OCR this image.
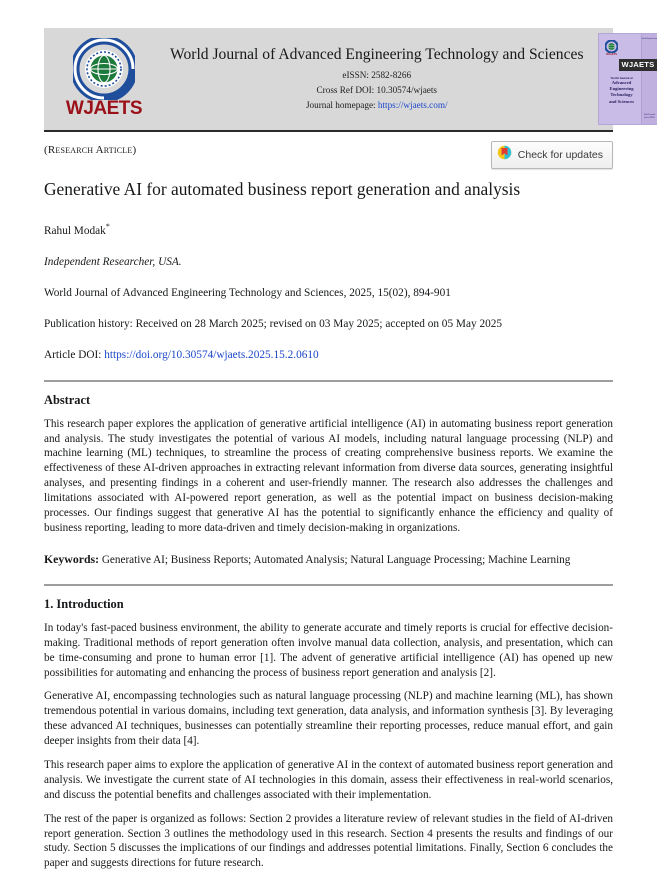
WJAETS
World Journal of Advanced Engineering Technology and Sciences
eISSN: 2582-8266
Cross Ref DOI: 10.30574/wjaets
Journal homepage: https://wjaets.com/
World Journal Series
WJAETS
WJAETS
World Journal of
Advanced
Engineering
Technology
and Sciences
World Journal Series INDIA
(Research Article)	Check for updates
Generative AI for automated business report generation and analysis
Rahul Modak*
Independent Researcher, USA.
World Journal of Advanced Engineering Technology and Sciences, 2025, 15(02), 894-901
Publication history: Received on 28 March 2025; revised on 03 May 2025; accepted on 05 May 2025
Article DOI: https://doi.org/10.30574/wjaets.2025.15.2.0610
Abstract

This research paper explores the application of generative artificial intelligence (AI) in automating business report generation and analysis. The study investigates the potential of various AI models, including natural language processing (NLP) and machine learning (ML) techniques, to streamline the process of creating comprehensive business reports. We examine the effectiveness of these AI-driven approaches in extracting relevant information from diverse data sources, generating insightful analyses, and presenting findings in a coherent and user-friendly manner. The research also addresses the challenges and limitations associated with AI-powered report generation, as well as the potential impact on business decision-making processes. Our findings suggest that generative AI has the potential to significantly enhance the efficiency and quality of business reporting, leading to more data-driven and timely decision-making in organizations.

Keywords: Generative AI; Business Reports; Automated Analysis; Natural Language Processing; Machine Learning
1. Introduction

In today's fast-paced business environment, the ability to generate accurate and timely reports is crucial for effective decision-making. Traditional methods of report generation often involve manual data collection, analysis, and presentation, which can be time-consuming and prone to human error [1]. The advent of generative artificial intelligence (AI) has opened up new possibilities for automating and enhancing the process of business report generation and analysis [2].

Generative AI, encompassing technologies such as natural language processing (NLP) and machine learning (ML), has shown tremendous potential in various domains, including text generation, data analysis, and information synthesis [3]. By leveraging these advanced AI techniques, businesses can potentially streamline their reporting processes, reduce manual effort, and gain deeper insights from their data [4].

This research paper aims to explore the application of generative AI in the context of automated business report generation and analysis. We investigate the current state of AI technologies in this domain, assess their effectiveness in real-world scenarios, and discuss the potential benefits and challenges associated with their implementation.

The rest of the paper is organized as follows: Section 2 provides a literature review of relevant studies in the field of AI-driven report generation. Section 3 outlines the methodology used in this research. Section 4 presents the results and findings of our study. Section 5 discusses the implications of our findings and addresses potential limitations. Finally, Section 6 concludes the paper and suggests directions for future research.
